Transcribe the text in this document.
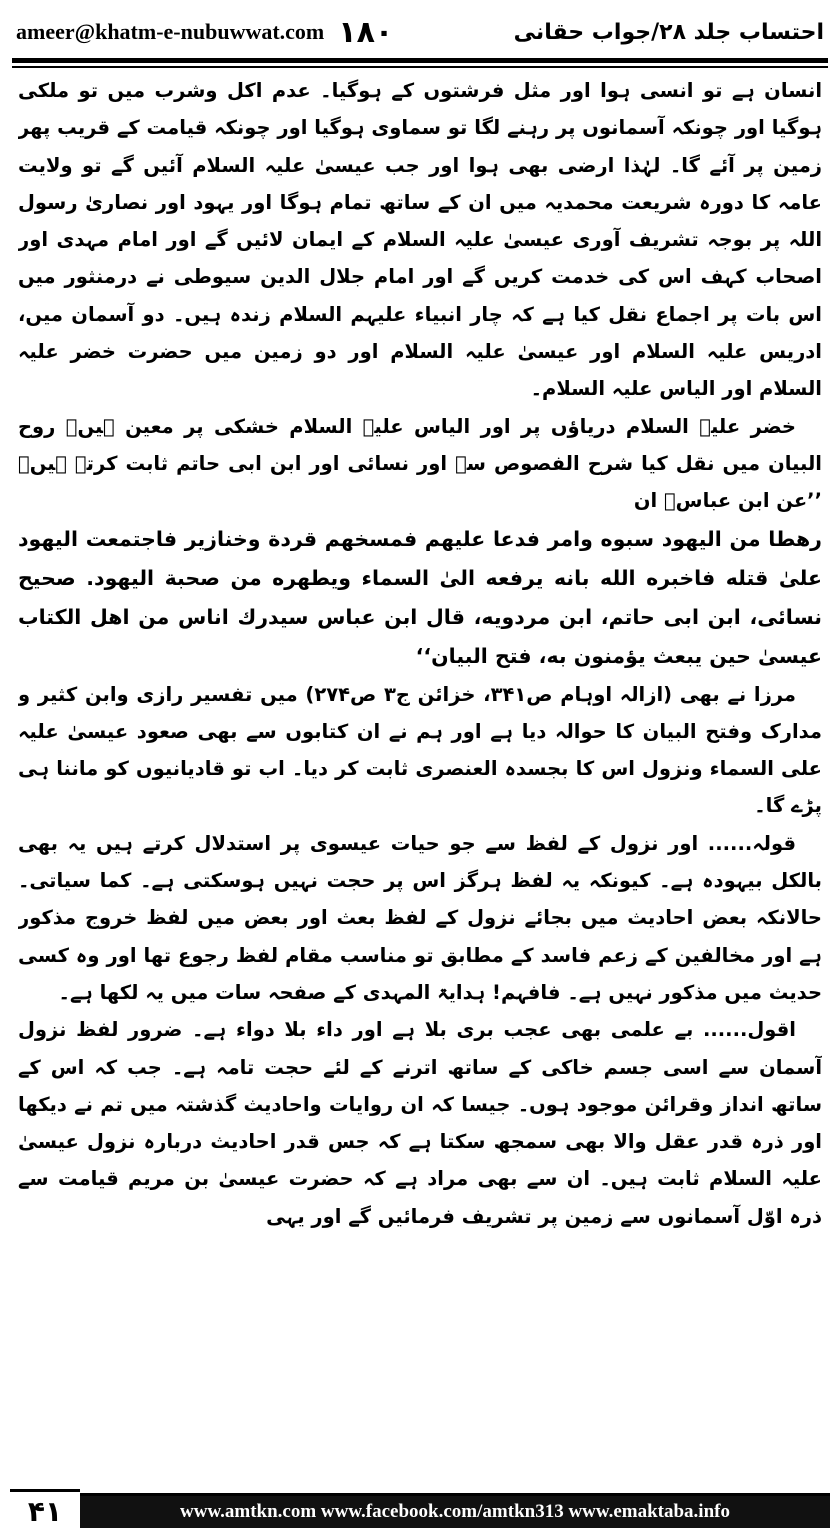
ameer@khatm-e-nubuwwat.com ۱۸۰	احتساب جلد ۲۸/جواب حقانی

انسان ہے تو انسی ہوا اور مثل فرشتوں کے ہوگیا۔ عدم اکل وشرب میں تو ملکی ہوگیا اور چونکہ آسمانوں پر رہنے لگا تو سماوی ہوگیا اور چونکہ قیامت کے قریب پھر زمین پر آئے گا۔ لہٰذا ارضی بھی ہوا اور جب عیسیٰ علیہ السلام آئیں گے تو ولایت عامہ کا دورہ شریعت محمدیہ میں ان کے ساتھ تمام ہوگا اور یہود اور نصاریٰ رسول اللہ پر بوجہ تشریف آوری عیسیٰ علیہ السلام کے ایمان لائیں گے اور امام مہدی اور اصحاب کہف اس کی خدمت کریں گے اور امام جلال الدین سیوطی نے درمنثور میں اس بات پر اجماع نقل کیا ہے کہ چار انبیاء علیہم السلام زندہ ہیں۔ دو آسمان میں، ادریس علیہ السلام اور عیسیٰ علیہ السلام اور دو زمین میں حضرت خضر علیہ السلام اور الیاس علیہ السلام۔

خضر علیہ السلام دریاؤں پر اور الیاس علیہ السلام خشکی پر معین ہیں۔ روح البیان میں نقل کیا شرح الفصوص سے اور نسائی اور ابن ابی حاتم ثابت کرتے ہیں۔ ’’عن ابن عباسؓ ان

رهطا من اليهود سبوه وامر فدعا عليهم فمسخهم قردة وخنازير فاجتمعت اليهود علىٰ قتله فاخبره الله بانه يرفعه الىٰ السماء ويطهره من صحبة اليهود. صحيح نسائى، ابن ابى حاتم، ابن مردويه، قال ابن عباس سيدرك اناس من اهل الكتاب عيسىٰ حين يبعث يؤمنون به، فتح البيان‘‘

مرزا نے بھی (ازالہ اوہام ص۳۴۱، خزائن ج۳ ص۲۷۴) میں تفسیر رازی وابن کثیر و مدارک وفتح البیان کا حوالہ دیا ہے اور ہم نے ان کتابوں سے بھی صعود عیسیٰ علیہ علی السماء ونزول اس کا بجسدہ العنصری ثابت کر دیا۔ اب تو قادیانیوں کو ماننا ہی پڑے گا۔

قولہ...... اور نزول کے لفظ سے جو حیات عیسوی پر استدلال کرتے ہیں یہ بھی بالکل بیہودہ ہے۔ کیونکہ یہ لفظ ہرگز اس پر حجت نہیں ہوسکتی ہے۔ کما سیاتی۔ حالانکہ بعض احادیث میں بجائے نزول کے لفظ بعث اور بعض میں لفظ خروج مذکور ہے اور مخالفین کے زعم فاسد کے مطابق تو مناسب مقام لفظ رجوع تھا اور وہ کسی حدیث میں مذکور نہیں ہے۔ فافہم! ہدایۃ المہدی کے صفحہ سات میں یہ لکھا ہے۔

اقول...... بے علمی بھی عجب بری بلا ہے اور داء بلا دواء ہے۔ ضرور لفظ نزول آسمان سے اسی جسم خاکی کے ساتھ اترنے کے لئے حجت تامہ ہے۔ جب کہ اس کے ساتھ انداز وقرائن موجود ہوں۔ جیسا کہ ان روایات واحادیث گذشتہ میں تم نے دیکھا اور ذرہ قدر عقل والا بھی سمجھ سکتا ہے کہ جس قدر احادیث دربارہ نزول عیسیٰ علیہ السلام ثابت ہیں۔ ان سے بھی مراد ہے کہ حضرت عیسیٰ بن مریم قیامت سے ذرہ اوّل آسمانوں سے زمین پر تشریف فرمائیں گے اور یہی

۴۱	www.amtkn.com www.facebook.com/amtkn313 www.emaktaba.info
